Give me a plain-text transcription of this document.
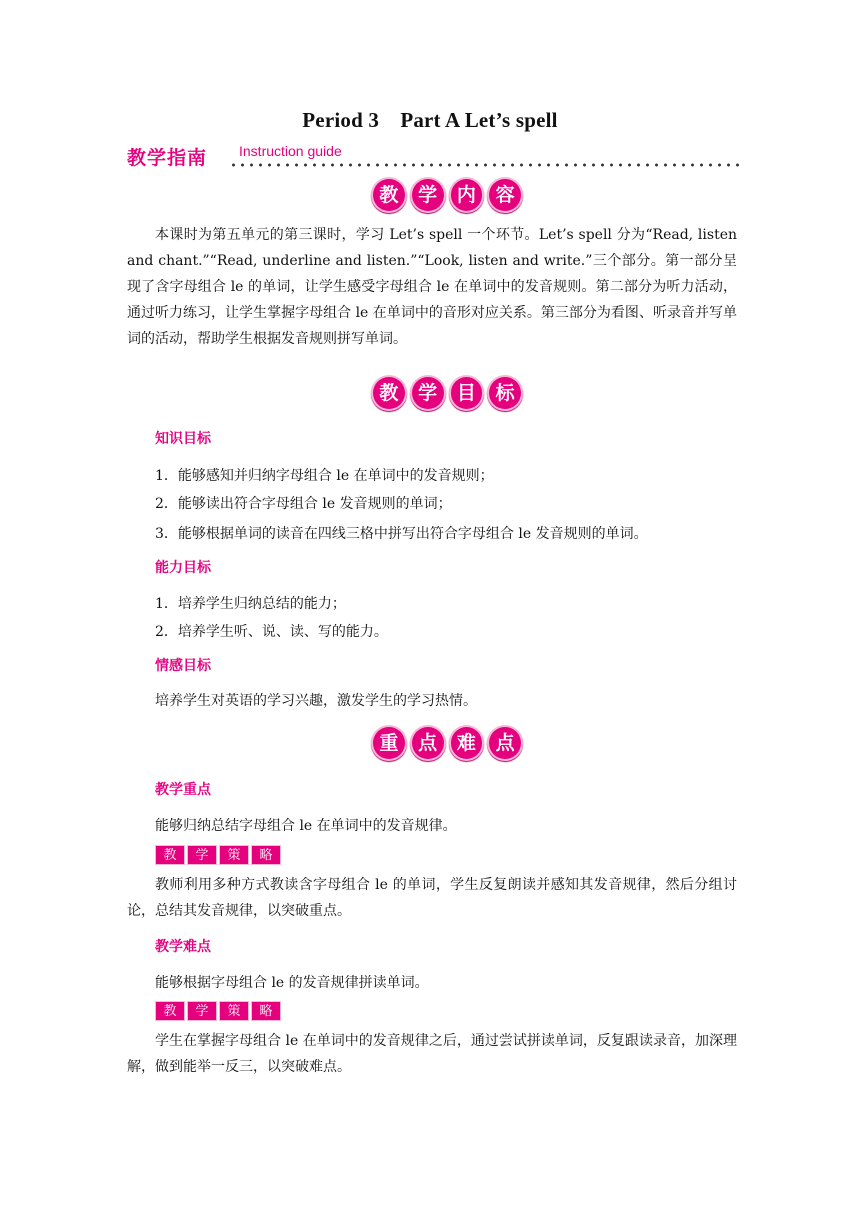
Period 3　Part A Let’s spell
教学指南 Instruction guide
教	学	内	容
本课时为第五单元的第三课时，学习 Let’s spell 一个环节。Let’s spell 分为“Read, listen and chant.”“Read, underline and listen.”“Look, listen and write.”三个部分。第一部分呈现了含字母组合 le 的单词，让学生感受字母组合 le 在单词中的发音规则。第二部分为听力活动，通过听力练习，让学生掌握字母组合 le 在单词中的音形对应关系。第三部分为看图、听录音并写单词的活动，帮助学生根据发音规则拼写单词。
教	学	目	标
知识目标
1．能够感知并归纳字母组合 le 在单词中的发音规则；
2．能够读出符合字母组合 le 发音规则的单词；
3．能够根据单词的读音在四线三格中拼写出符合字母组合 le 发音规则的单词。
能力目标
1．培养学生归纳总结的能力；
2．培养学生听、说、读、写的能力。
情感目标
培养学生对英语的学习兴趣，激发学生的学习热情。
重	点	难	点
教学重点
能够归纳总结字母组合 le 在单词中的发音规律。
教	学	策	略
教师利用多种方式教读含字母组合 le 的单词，学生反复朗读并感知其发音规律，然后分组讨论，总结其发音规律，以突破重点。
教学难点
能够根据字母组合 le 的发音规律拼读单词。
教	学	策	略
学生在掌握字母组合 le 在单词中的发音规律之后，通过尝试拼读单词，反复跟读录音，加深理解，做到能举一反三，以突破难点。
